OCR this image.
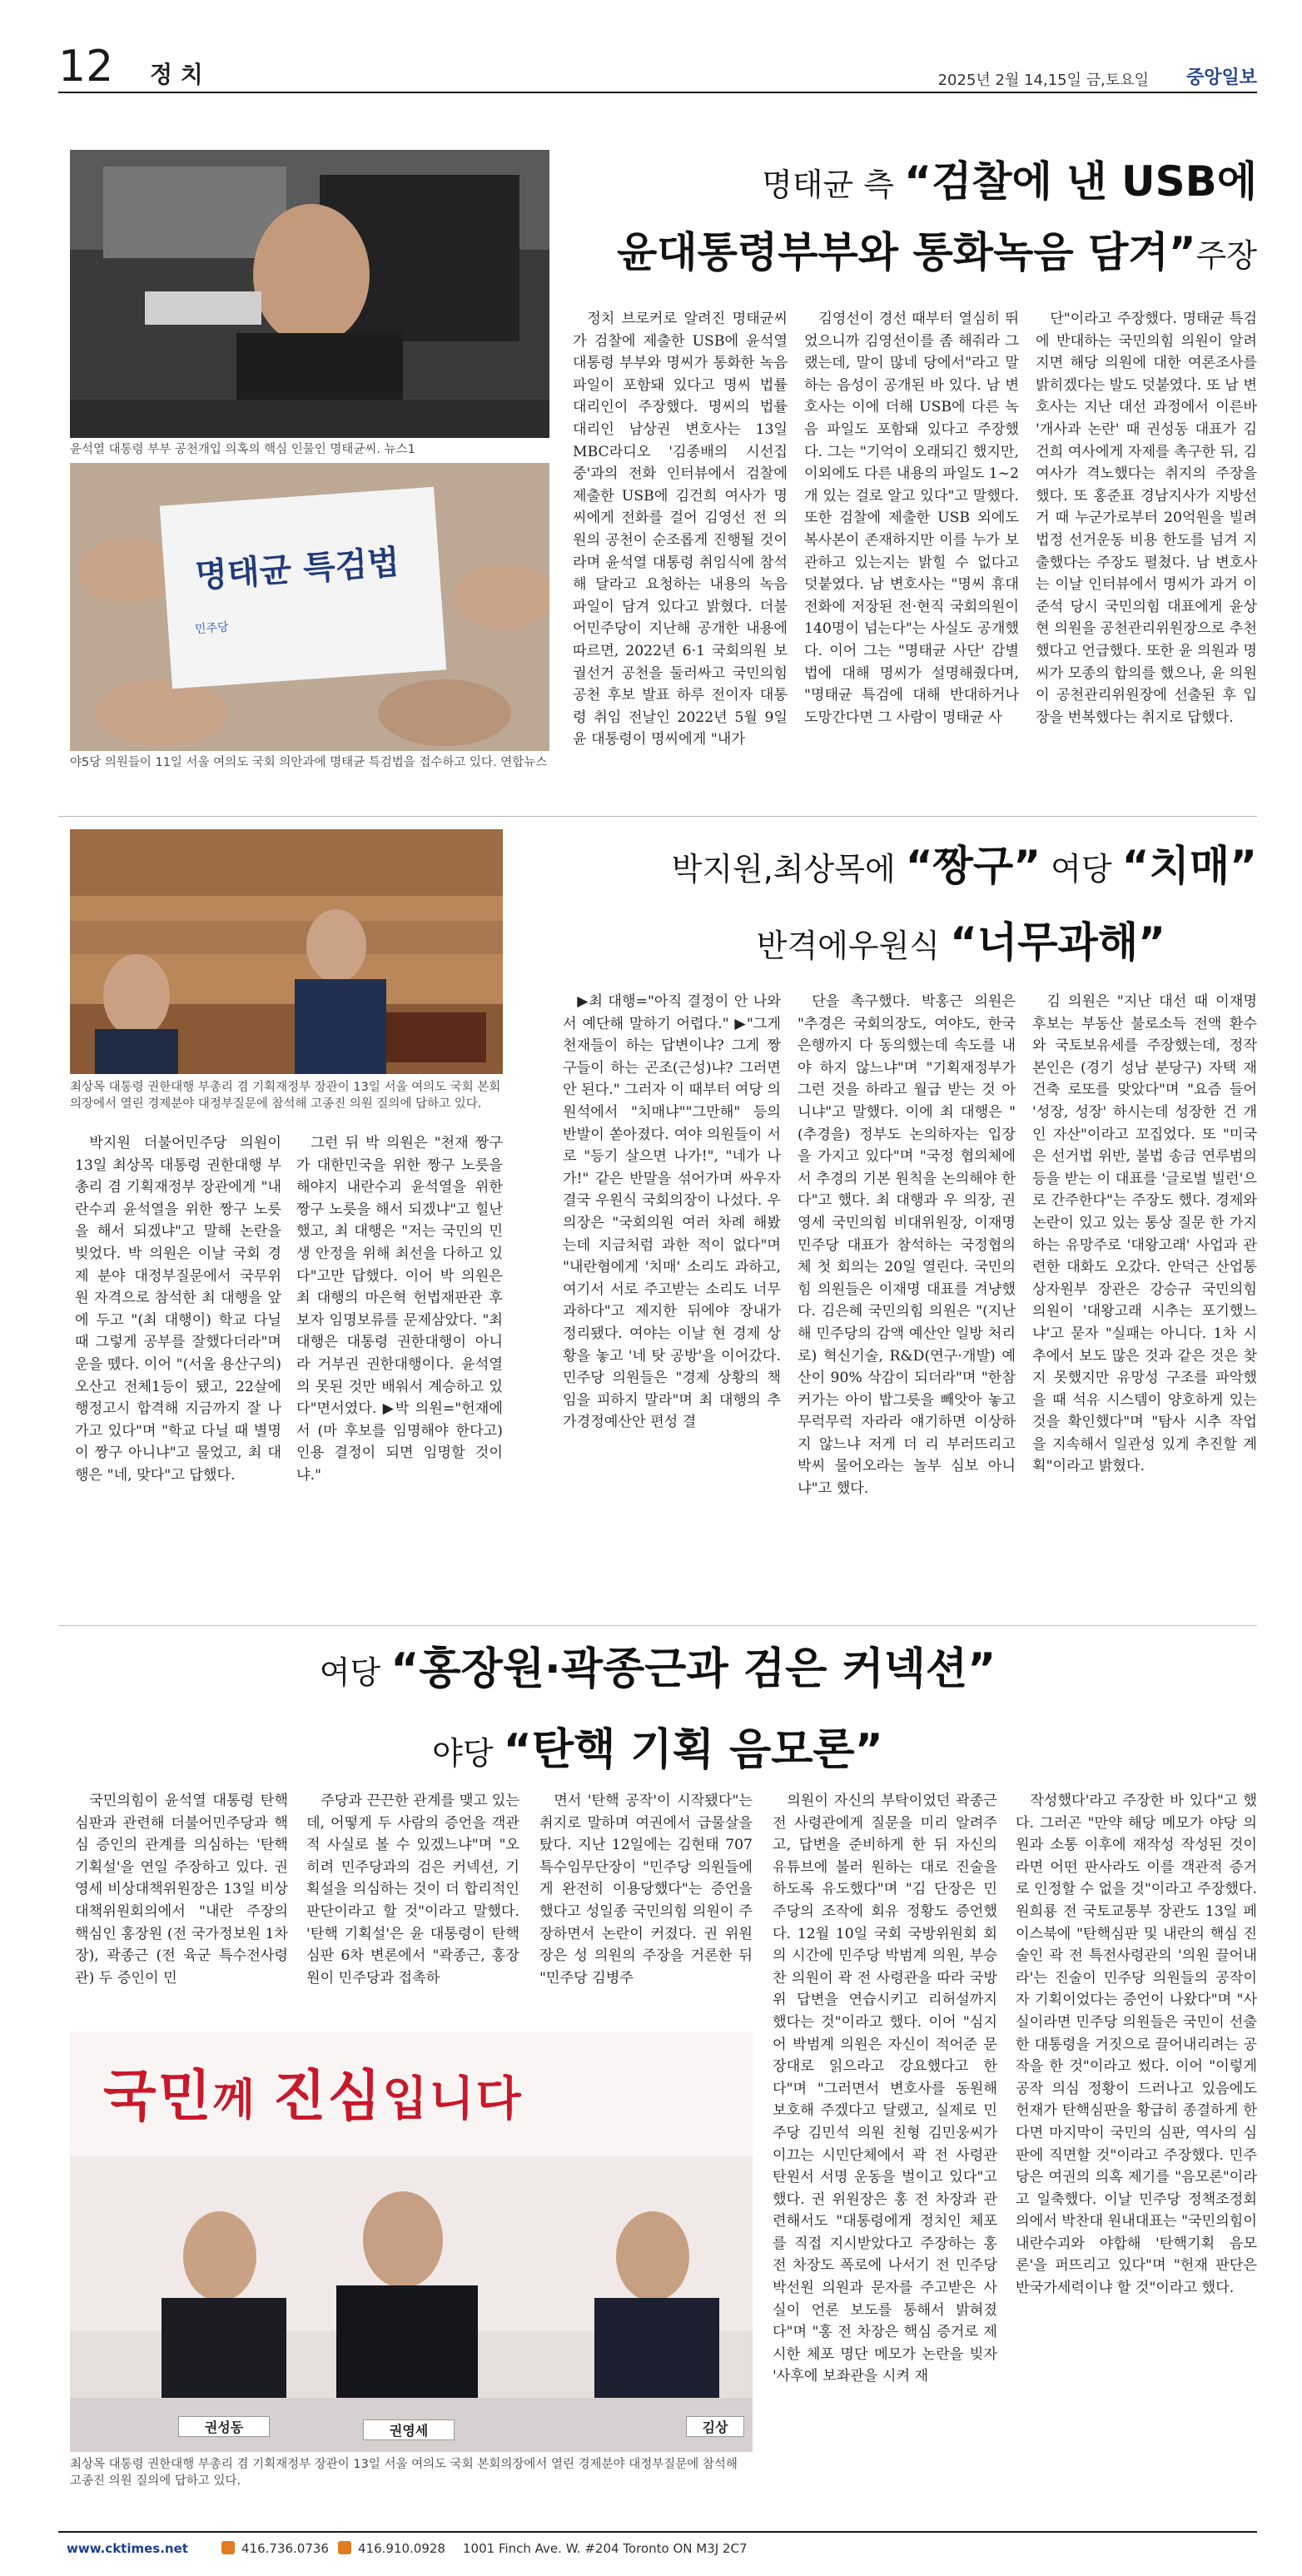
12 정 치	2025년 2월 14,15일 금,토요일 중앙일보
윤석열 대통령 부부 공천개입 의혹의 핵심 인물인 명태균씨. 뉴스1
명태균 특검법
민주당
야5당 의원들이 11일 서울 여의도 국회 의안과에 명태균 특검법을 접수하고 있다. 연합뉴스
명태균 측 “검찰에 낸 USB에
윤대통령부부와 통화녹음 담겨”주장

정치 브로커로 알려진 명태균씨가 검찰에 제출한 USB에 윤석열 대통령 부부와 명씨가 통화한 녹음 파일이 포함돼 있다고 명씨 법률 대리인이 주장했다. 명씨의 법률 대리인 남상권 변호사는 13일 MBC라디오 '김종배의 시선집중'과의 전화 인터뷰에서 검찰에 제출한 USB에 김건희 여사가 명씨에게 전화를 걸어 김영선 전 의원의 공천이 순조롭게 진행될 것이라며 윤석열 대통령 취임식에 참석해 달라고 요청하는 내용의 녹음 파일이 담겨 있다고 밝혔다. 더불어민주당이 지난해 공개한 내용에 따르면, 2022년 6·1 국회의원 보궐선거 공천을 둘러싸고 국민의힘 공천 후보 발표 하루 전이자 대통령 취임 전날인 2022년 5월 9일 윤 대통령이 명씨에게 "내가

김영선이 경선 때부터 열심히 뛰었으니까 김영선이를 좀 해줘라 그랬는데, 말이 많네 당에서"라고 말하는 음성이 공개된 바 있다. 남 변호사는 이에 더해 USB에 다른 녹음 파일도 포함돼 있다고 주장했다. 그는 "기억이 오래되긴 했지만, 이외에도 다른 내용의 파일도 1~2개 있는 걸로 알고 있다"고 말했다. 또한 검찰에 제출한 USB 외에도 복사본이 존재하지만 이를 누가 보관하고 있는지는 밝힐 수 없다고 덧붙였다. 남 변호사는 "명씨 휴대전화에 저장된 전·현직 국회의원이 140명이 넘는다"는 사실도 공개했다. 이어 그는 "명태균 사단' 감별법에 대해 명씨가 설명해줬다며, "명태균 특검에 대해 반대하거나 도망간다면 그 사람이 명태균 사

단"이라고 주장했다. 명태균 특검에 반대하는 국민의힘 의원이 알려지면 해당 의원에 대한 여론조사를 밝히겠다는 발도 덧붙였다. 또 남 변호사는 지난 대선 과정에서 이른바 '개사과 논란' 때 권성동 대표가 김건희 여사에게 자제를 촉구한 뒤, 김 여사가 격노했다는 취지의 주장을 했다. 또 홍준표 경남지사가 지방선거 때 누군가로부터 20억원을 빌려 법정 선거운동 비용 한도를 넘겨 지출했다는 주장도 펼쳤다. 남 변호사는 이날 인터뷰에서 명씨가 과거 이준석 당시 국민의힘 대표에게 윤상현 의원을 공천관리위원장으로 추천했다고 언급했다. 또한 윤 의원과 명씨가 모종의 합의를 했으나, 윤 의원이 공천관리위원장에 선출된 후 입장을 번복했다는 취지로 답했다.

최상목 대통령 권한대행 부총리 겸 기획재정부 장관이 13일 서울 여의도 국회 본회의장에서 열린 경제분야 대정부질문에 참석해 고종진 의원 질의에 답하고 있다.
박지원,최상목에 “짱구” 여당 “치매”
반격에우원식 “너무과해”

박지원 더불어민주당 의원이 13일 최상목 대통령 권한대행 부총리 겸 기획재정부 장관에게 "내란수괴 윤석열을 위한 짱구 노릇을 해서 되겠냐"고 말해 논란을 빚었다. 박 의원은 이날 국회 경제 분야 대정부질문에서 국무위원 자격으로 참석한 최 대행을 앞에 두고 "(최 대행이) 학교 다닐 때 그렇게 공부를 잘했다더라"며 운을 뗐다. 이어 "(서울 용산구의) 오산고 전체1등이 됐고, 22살에 행정고시 합격해 지금까지 잘 나가고 있다"며 "학교 다닐 때 별명이 짱구 아니냐"고 물었고, 최 대행은 "네, 맞다"고 답했다.

그런 뒤 박 의원은 "천재 짱구가 대한민국을 위한 짱구 노릇을 해야지 내란수괴 윤석열을 위한 짱구 노릇을 해서 되겠냐"고 힐난했고, 최 대행은 "저는 국민의 민생 안정을 위해 최선을 다하고 있다"고만 답했다. 이어 박 의원은 최 대행의 마은혁 헌법재판관 후보자 임명보류를 문제삼았다. "최 대행은 대통령 권한대행이 아니라 거부권 권한대행이다. 윤석열의 못된 것만 배워서 계승하고 있다"면서였다. ▶박 의원="헌재에서 (마 후보를 임명해야 한다고) 인용 결정이 되면 임명할 것이냐."

▶최 대행="아직 결정이 안 나와서 예단해 말하기 어렵다." ▶"그게 천재들이 하는 답변이냐? 그게 짱구들이 하는 곤조(근성)냐? 그러면 안 된다." 그러자 이 때부터 여당 의원석에서 "치매냐""그만해" 등의 반발이 쏟아졌다. 여야 의원들이 서로 "등기 살으면 나가!", "네가 나가!" 같은 반말을 섞어가며 싸우자 결국 우원식 국회의장이 나섰다. 우 의장은 "국회의원 여러 차례 해봤는데 지금처럼 과한 적이 없다"며 "내란혐에게 '치매' 소리도 과하고, 여기서 서로 주고받는 소리도 너무 과하다"고 제지한 뒤에야 장내가 정리됐다. 여야는 이날 현 경제 상황을 놓고 '네 탓 공방'을 이어갔다. 민주당 의원들은 "경제 상황의 책임을 피하지 말라"며 최 대행의 추가경정예산안 편성 결

단을 촉구했다. 박홍근 의원은 "추경은 국회의장도, 여야도, 한국은행까지 다 동의했는데 속도를 내야 하지 않느냐"며 "기획재정부가 그런 것을 하라고 월급 받는 것 아니냐"고 말했다. 이에 최 대행은 "(추경을) 정부도 논의하자는 입장을 가지고 있다"며 "국정 협의체에서 추경의 기본 원칙을 논의해야 한다"고 했다. 최 대행과 우 의장, 권영세 국민의힘 비대위원장, 이재명 민주당 대표가 참석하는 국정협의체 첫 회의는 20일 열린다. 국민의힘 의원들은 이재명 대표를 겨냥했다. 김은혜 국민의힘 의원은 "(지난해 민주당의 감액 예산안 일방 처리로) 혁신기술, R&D(연구·개발) 예산이 90% 삭감이 되더라"며 "한참 커가는 아이 밥그릇을 빼앗아 놓고 무럭무럭 자라라 얘기하면 이상하지 않느냐 저게 더 리 부러뜨리고 박씨 물어오라는 놀부 심보 아니냐"고 했다.

김 의원은 "지난 대선 때 이재명 후보는 부동산 불로소득 전액 환수와 국토보유세를 주장했는데, 정작 본인은 (경기 성남 분당구) 자택 재건축 로또를 맞았다"며 "요즘 들어 '성장, 성장' 하시는데 성장한 건 개인 자산"이라고 꼬집었다. 또 "미국은 선거법 위반, 불법 송금 연루범의 등을 받는 이 대표를 '글로벌 빌런'으로 간주한다"는 주장도 했다. 경제와 논란이 있고 있는 통상 질문 한 가지 하는 유망주로 '대왕고래' 사업과 관련한 대화도 오갔다. 안덕근 산업통상자원부 장관은 강승규 국민의힘 의원이 '대왕고래 시추는 포기했느냐'고 묻자 "실패는 아니다. 1차 시추에서 보도 많은 것과 같은 것은 찾지 못했지만 유망성 구조를 파악했을 때 석유 시스템이 양호하게 있는 것을 확인했다"며 "탐사 시추 작업을 지속해서 일관성 있게 추진할 계획"이라고 밝혔다.

여당 “홍장원·곽종근과 검은 커넥션”
야당 “탄핵 기획 음모론”

국민의힘이 윤석열 대통령 탄핵심판과 관련해 더불어민주당과 핵심 증인의 관계를 의심하는 '탄핵 기획설'을 연일 주장하고 있다. 권영세 비상대책위원장은 13일 비상대책위원회의에서 "내란 주장의 핵심인 홍장원 (전 국가정보원 1차장), 곽종근 (전 육군 특수전사령관) 두 증인이 민

주당과 끈끈한 관계를 맺고 있는데, 어떻게 두 사람의 증언을 객관적 사실로 볼 수 있겠느냐"며 "오히려 민주당과의 검은 커넥션, 기획설을 의심하는 것이 더 합리적인 판단이라고 할 것"이라고 말했다. '탄핵 기획설'은 윤 대통령이 탄핵심판 6차 변론에서 "곽종근, 홍장원이 민주당과 접촉하

면서 '탄핵 공작'이 시작됐다"는 취지로 말하며 여권에서 급물살을 탔다. 지난 12일에는 김현태 707특수임무단장이 "민주당 의원들에게 완전히 이용당했다"는 증언을 했다고 성일종 국민의힘 의원이 주장하면서 논란이 커졌다. 권 위원장은 성 의원의 주장을 거론한 뒤 "민주당 김병주

의원이 자신의 부탁이었던 곽종근 전 사령관에게 질문을 미리 알려주고, 답변을 준비하게 한 뒤 자신의 유튜브에 불러 원하는 대로 진술을 하도록 유도했다"며 "김 단장은 민주당의 조작에 회유 정황도 증언했다. 12월 10일 국회 국방위원회 회의 시간에 민주당 박범계 의원, 부승찬 의원이 곽 전 사령관을 따라 국방위 답변을 연습시키고 리허설까지 했다는 것"이라고 했다. 이어 "심지어 박범계 의원은 자신이 적어준 문장대로 읽으라고 강요했다고 한다"며 "그러면서 변호사를 동원해 보호해 주겠다고 달랬고, 실제로 민주당 김민석 의원 친형 김민웅씨가 이끄는 시민단체에서 곽 전 사령관 탄원서 서명 운동을 벌이고 있다"고 했다. 권 위원장은 홍 전 차장과 관련해서도 "대통령에게 정치인 체포를 직접 지시받았다고 주장하는 홍 전 차장도 폭로에 나서기 전 민주당 박선원 의원과 문자를 주고받은 사실이 언론 보도를 통해서 밝혀졌다"며 "홍 전 차장은 핵심 증거로 제시한 체포 명단 메모가 논란을 빚자 '사후에 보좌관을 시켜 재

작성했다'라고 주장한 바 있다"고 했다. 그러곤 "만약 해당 메모가 야당 의원과 소통 이후에 재작성 작성된 것이라면 어떤 판사라도 이를 객관적 증거로 인정할 수 없을 것"이라고 주장했다. 원희룡 전 국토교통부 장관도 13일 페이스북에 "탄핵심판 및 내란의 핵심 진술인 곽 전 특전사령관의 '의원 끌어내라'는 진술이 민주당 의원들의 공작이자 기획이었다는 증언이 나왔다"며 "사실이라면 민주당 의원들은 국민이 선출한 대통령을 거짓으로 끌어내리려는 공작을 한 것"이라고 썼다. 이어 "이렇게 공작 의심 정황이 드러나고 있음에도 헌재가 탄핵심판을 황급히 종결하게 한다면 마지막이 국민의 심판, 역사의 심판에 직면할 것"이라고 주장했다. 민주당은 여권의 의혹 제기를 "음모론"이라고 일축했다. 이날 민주당 정책조정회의에서 박찬대 원내대표는 "국민의힘이 내란수괴와 야합해 '탄핵기획 음모론'을 퍼뜨리고 있다"며 "헌재 판단은 반국가세력이냐 할 것"이라고 했다.

국민께 진심입니다
권성동	권영세	김상
최상목 대통령 권한대행 부총리 겸 기획재정부 장관이 13일 서울 여의도 국회 본회의장에서 열린 경제분야 대정부질문에 참석해 고종진 의원 질의에 답하고 있다.
www.cktimes.net	416.736.0736 416.910.0928 1001 Finch Ave. W. #204 Toronto ON M3J 2C7
